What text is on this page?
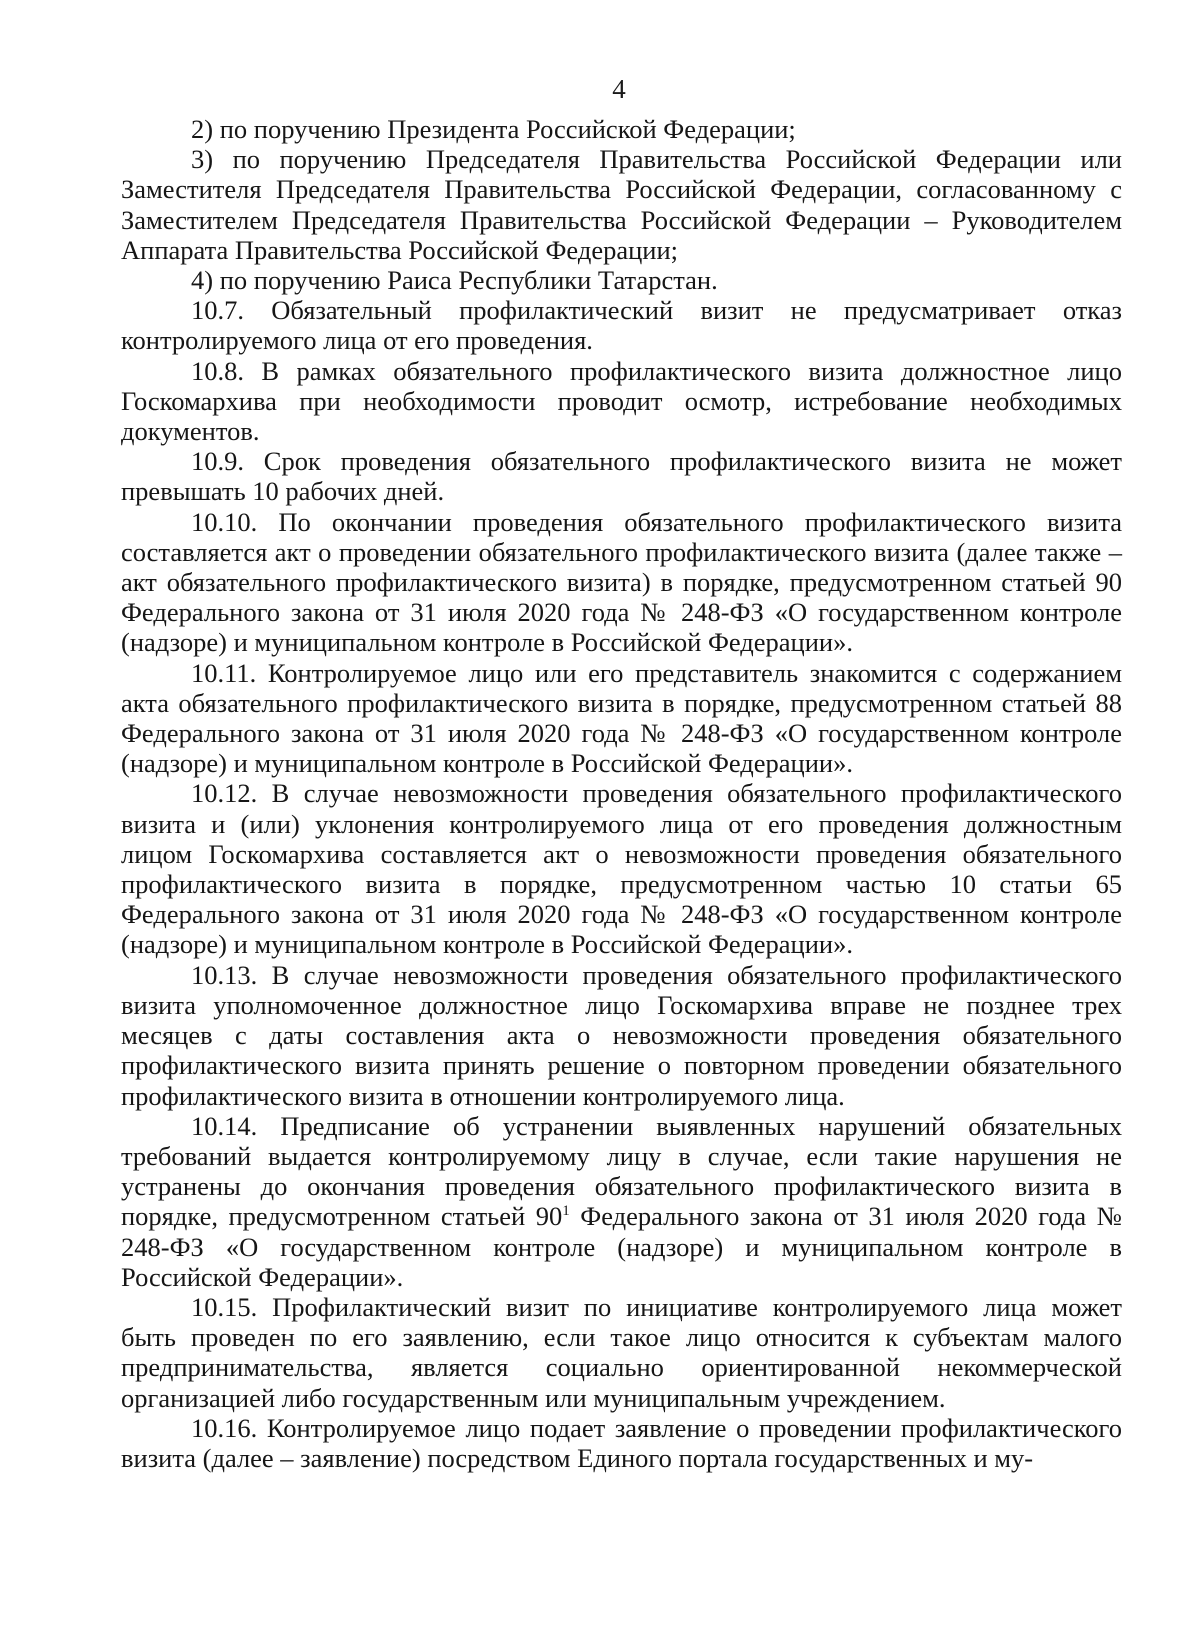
4

2) по поручению Президента Российской Федерации;

3) по поручению Председателя Правительства Российской Федерации или Заместителя Председателя Правительства Российской Федерации, согласованному с Заместителем Председателя Правительства Российской Федерации – Руководителем Аппарата Правительства Российской Федерации;

4) по поручению Раиса Республики Татарстан.

10.7. Обязательный профилактический визит не предусматривает отказ контролируемого лица от его проведения.

10.8. В рамках обязательного профилактического визита должностное лицо Госкомархива при необходимости проводит осмотр, истребование необходимых документов.

10.9. Срок проведения обязательного профилактического визита не может превышать 10 рабочих дней.

10.10. По окончании проведения обязательного профилактического визита составляется акт о проведении обязательного профилактического визита (далее также – акт обязательного профилактического визита) в порядке, предусмотренном статьей 90 Федерального закона от 31 июля 2020 года № 248-ФЗ «О государственном контроле (надзоре) и муниципальном контроле в Российской Федерации».

10.11. Контролируемое лицо или его представитель знакомится с содержанием акта обязательного профилактического визита в порядке, предусмотренном статьей 88 Федерального закона от 31 июля 2020 года № 248-ФЗ «О государственном контроле (надзоре) и муниципальном контроле в Российской Федерации».

10.12. В случае невозможности проведения обязательного профилактического визита и (или) уклонения контролируемого лица от его проведения должностным лицом Госкомархива составляется акт о невозможности проведения обязательного профилактического визита в порядке, предусмотренном частью 10 статьи 65 Федерального закона от 31 июля 2020 года № 248-ФЗ «О государственном контроле (надзоре) и муниципальном контроле в Российской Федерации».

10.13. В случае невозможности проведения обязательного профилактического визита уполномоченное должностное лицо Госкомархива вправе не позднее трех месяцев с даты составления акта о невозможности проведения обязательного профилактического визита принять решение о повторном проведении обязательного профилактического визита в отношении контролируемого лица.

10.14. Предписание об устранении выявленных нарушений обязательных требований выдается контролируемому лицу в случае, если такие нарушения не устранены до окончания проведения обязательного профилактического визита в порядке, предусмотренном статьей $90^1$ Федерального закона от 31 июля 2020 года № 248-ФЗ «О государственном контроле (надзоре) и муниципальном контроле в Российской Федерации».

10.15. Профилактический визит по инициативе контролируемого лица может быть проведен по его заявлению, если такое лицо относится к субъектам малого предпринимательства, является социально ориентированной некоммерческой организацией либо государственным или муниципальным учреждением.

10.16. Контролируемое лицо подает заявление о проведении профилактического визита (далее – заявление) посредством Единого портала государственных и му-
